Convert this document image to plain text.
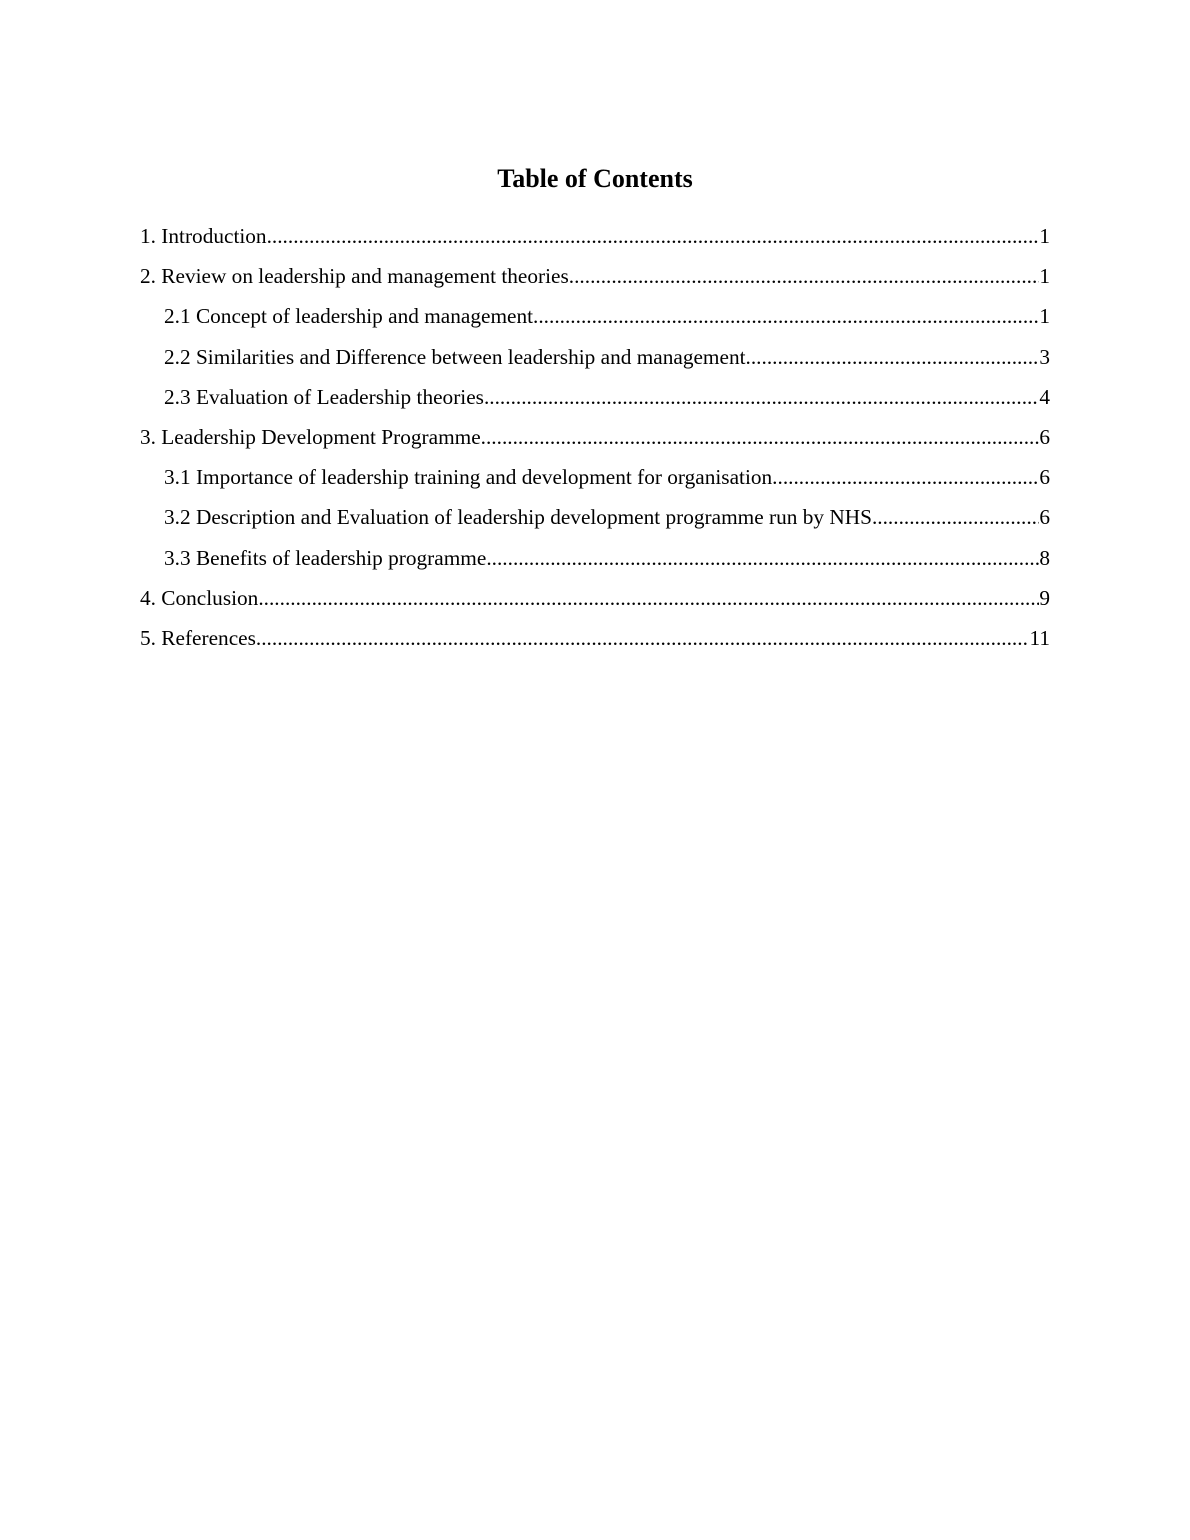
Table of Contents
1. Introduction .....	1
2. Review on leadership and management theories .....	1
2.1 Concept of leadership and management .....	1
2.2 Similarities and Difference between leadership and management .....	3
2.3 Evaluation of Leadership theories .....	4
3. Leadership Development Programme .....	6
3.1 Importance of leadership training and development for organisation .....	6
3.2 Description and Evaluation of leadership development programme run by NHS .....	6
3.3 Benefits of leadership programme .....	8
4. Conclusion .....	9
5. References .....	11
